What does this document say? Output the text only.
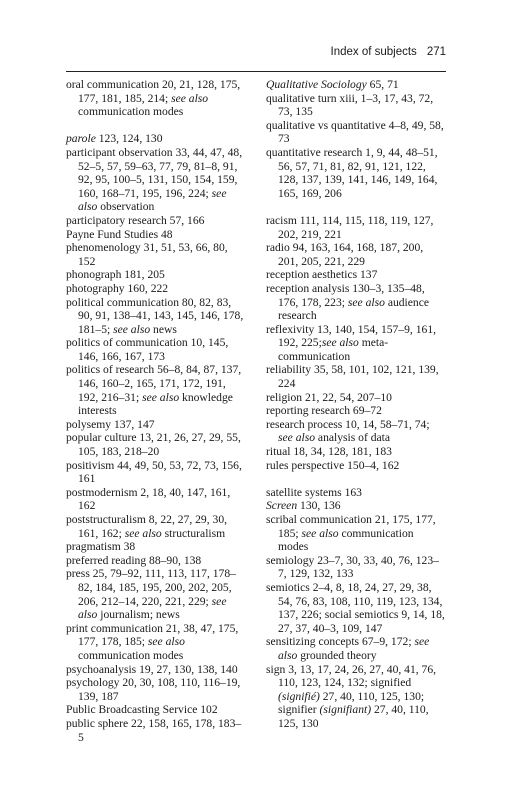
Index of subjects 271

oral communication 20, 21, 128, 175, 177, 181, 185, 214; see also communication modes

parole 123, 124, 130

participant observation 33, 44, 47, 48, 52–5, 57, 59–63, 77, 79, 81–8, 91, 92, 95, 100–5, 131, 150, 154, 159, 160, 168–71, 195, 196, 224; see also observation

participatory research 57, 166

Payne Fund Studies 48

phenomenology 31, 51, 53, 66, 80, 152

phonograph 181, 205

photography 160, 222

political communication 80, 82, 83, 90, 91, 138–41, 143, 145, 146, 178, 181–5; see also news

politics of communication 10, 145, 146, 166, 167, 173

politics of research 56–8, 84, 87, 137, 146, 160–2, 165, 171, 172, 191, 192, 216–31; see also knowledge interests

polysemy 137, 147

popular culture 13, 21, 26, 27, 29, 55, 105, 183, 218–20

positivism 44, 49, 50, 53, 72, 73, 156, 161

postmodernism 2, 18, 40, 147, 161, 162

poststructuralism 8, 22, 27, 29, 30, 161, 162; see also structuralism

pragmatism 38

preferred reading 88–90, 138

press 25, 79–92, 111, 113, 117, 178–82, 184, 185, 195, 200, 202, 205, 206, 212–14, 220, 221, 229; see also journalism; news

print communication 21, 38, 47, 175, 177, 178, 185; see also communication modes

psychoanalysis 19, 27, 130, 138, 140

psychology 20, 30, 108, 110, 116–19, 139, 187

Public Broadcasting Service 102

public sphere 22, 158, 165, 178, 183–5

Qualitative Sociology 65, 71

qualitative turn xiii, 1–3, 17, 43, 72, 73, 135

qualitative vs quantitative 4–8, 49, 58, 73

quantitative research 1, 9, 44, 48–51, 56, 57, 71, 81, 82, 91, 121, 122, 128, 137, 139, 141, 146, 149, 164, 165, 169, 206

racism 111, 114, 115, 118, 119, 127, 202, 219, 221

radio 94, 163, 164, 168, 187, 200, 201, 205, 221, 229

reception aesthetics 137

reception analysis 130–3, 135–48, 176, 178, 223; see also audience research

reflexivity 13, 140, 154, 157–9, 161, 192, 225;see also meta-communication

reliability 35, 58, 101, 102, 121, 139, 224

religion 21, 22, 54, 207–10

reporting research 69–72

research process 10, 14, 58–71, 74; see also analysis of data

ritual 18, 34, 128, 181, 183

rules perspective 150–4, 162

satellite systems 163

Screen 130, 136

scribal communication 21, 175, 177, 185; see also communication modes

semiology 23–7, 30, 33, 40, 76, 123–7, 129, 132, 133

semiotics 2–4, 8, 18, 24, 27, 29, 38, 54, 76, 83, 108, 110, 119, 123, 134, 137, 226; social semiotics 9, 14, 18, 27, 37, 40–3, 109, 147

sensitizing concepts 67–9, 172; see also grounded theory

sign 3, 13, 17, 24, 26, 27, 40, 41, 76, 110, 123, 124, 132; signified (signifié) 27, 40, 110, 125, 130; signifier (signifiant) 27, 40, 110, 125, 130
